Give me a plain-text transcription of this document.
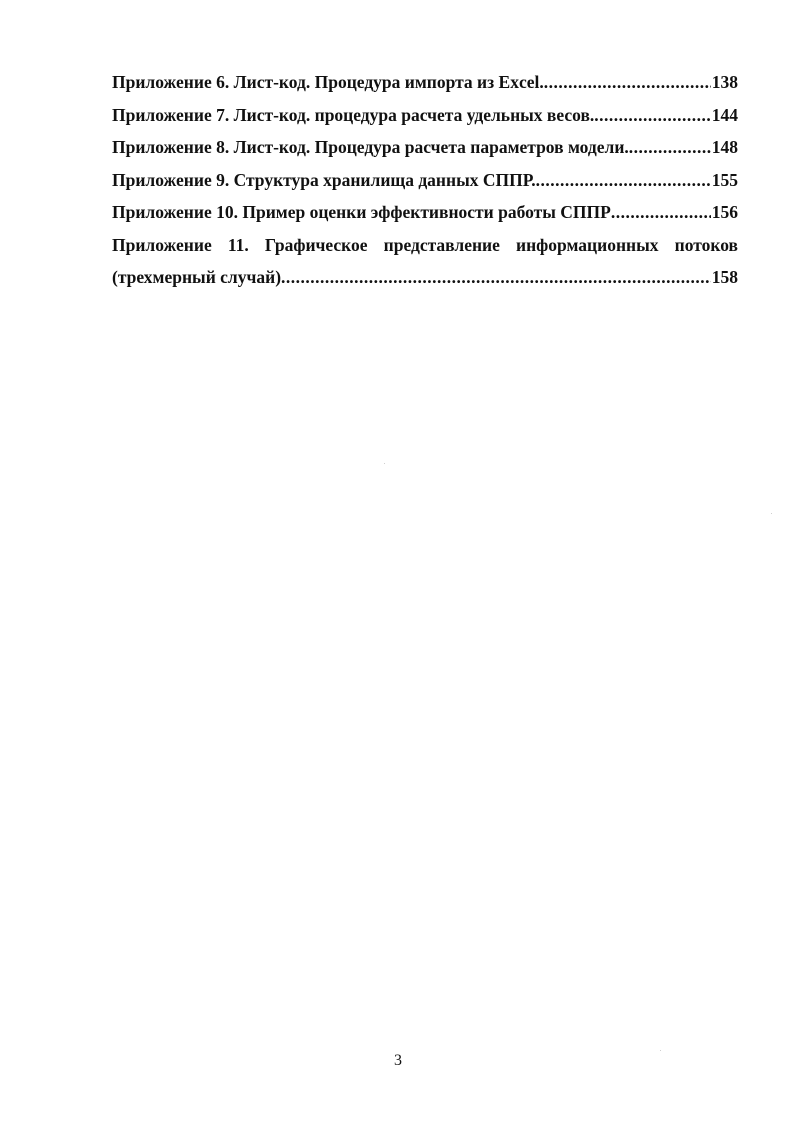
Приложение 6. Лист-код. Процедура импорта из Excel. .....	138
Приложение 7. Лист-код. процедура расчета удельных весов. .....	144
Приложение 8. Лист-код. Процедура расчета параметров модели. .....	148
Приложение 9. Структура хранилища данных СППР. .....	155
Приложение 10. Пример оценки эффективности работы СППР .....	156
Приложение 11. Графическое представление информационных потоков
(трехмерный случай) .....	158
3
